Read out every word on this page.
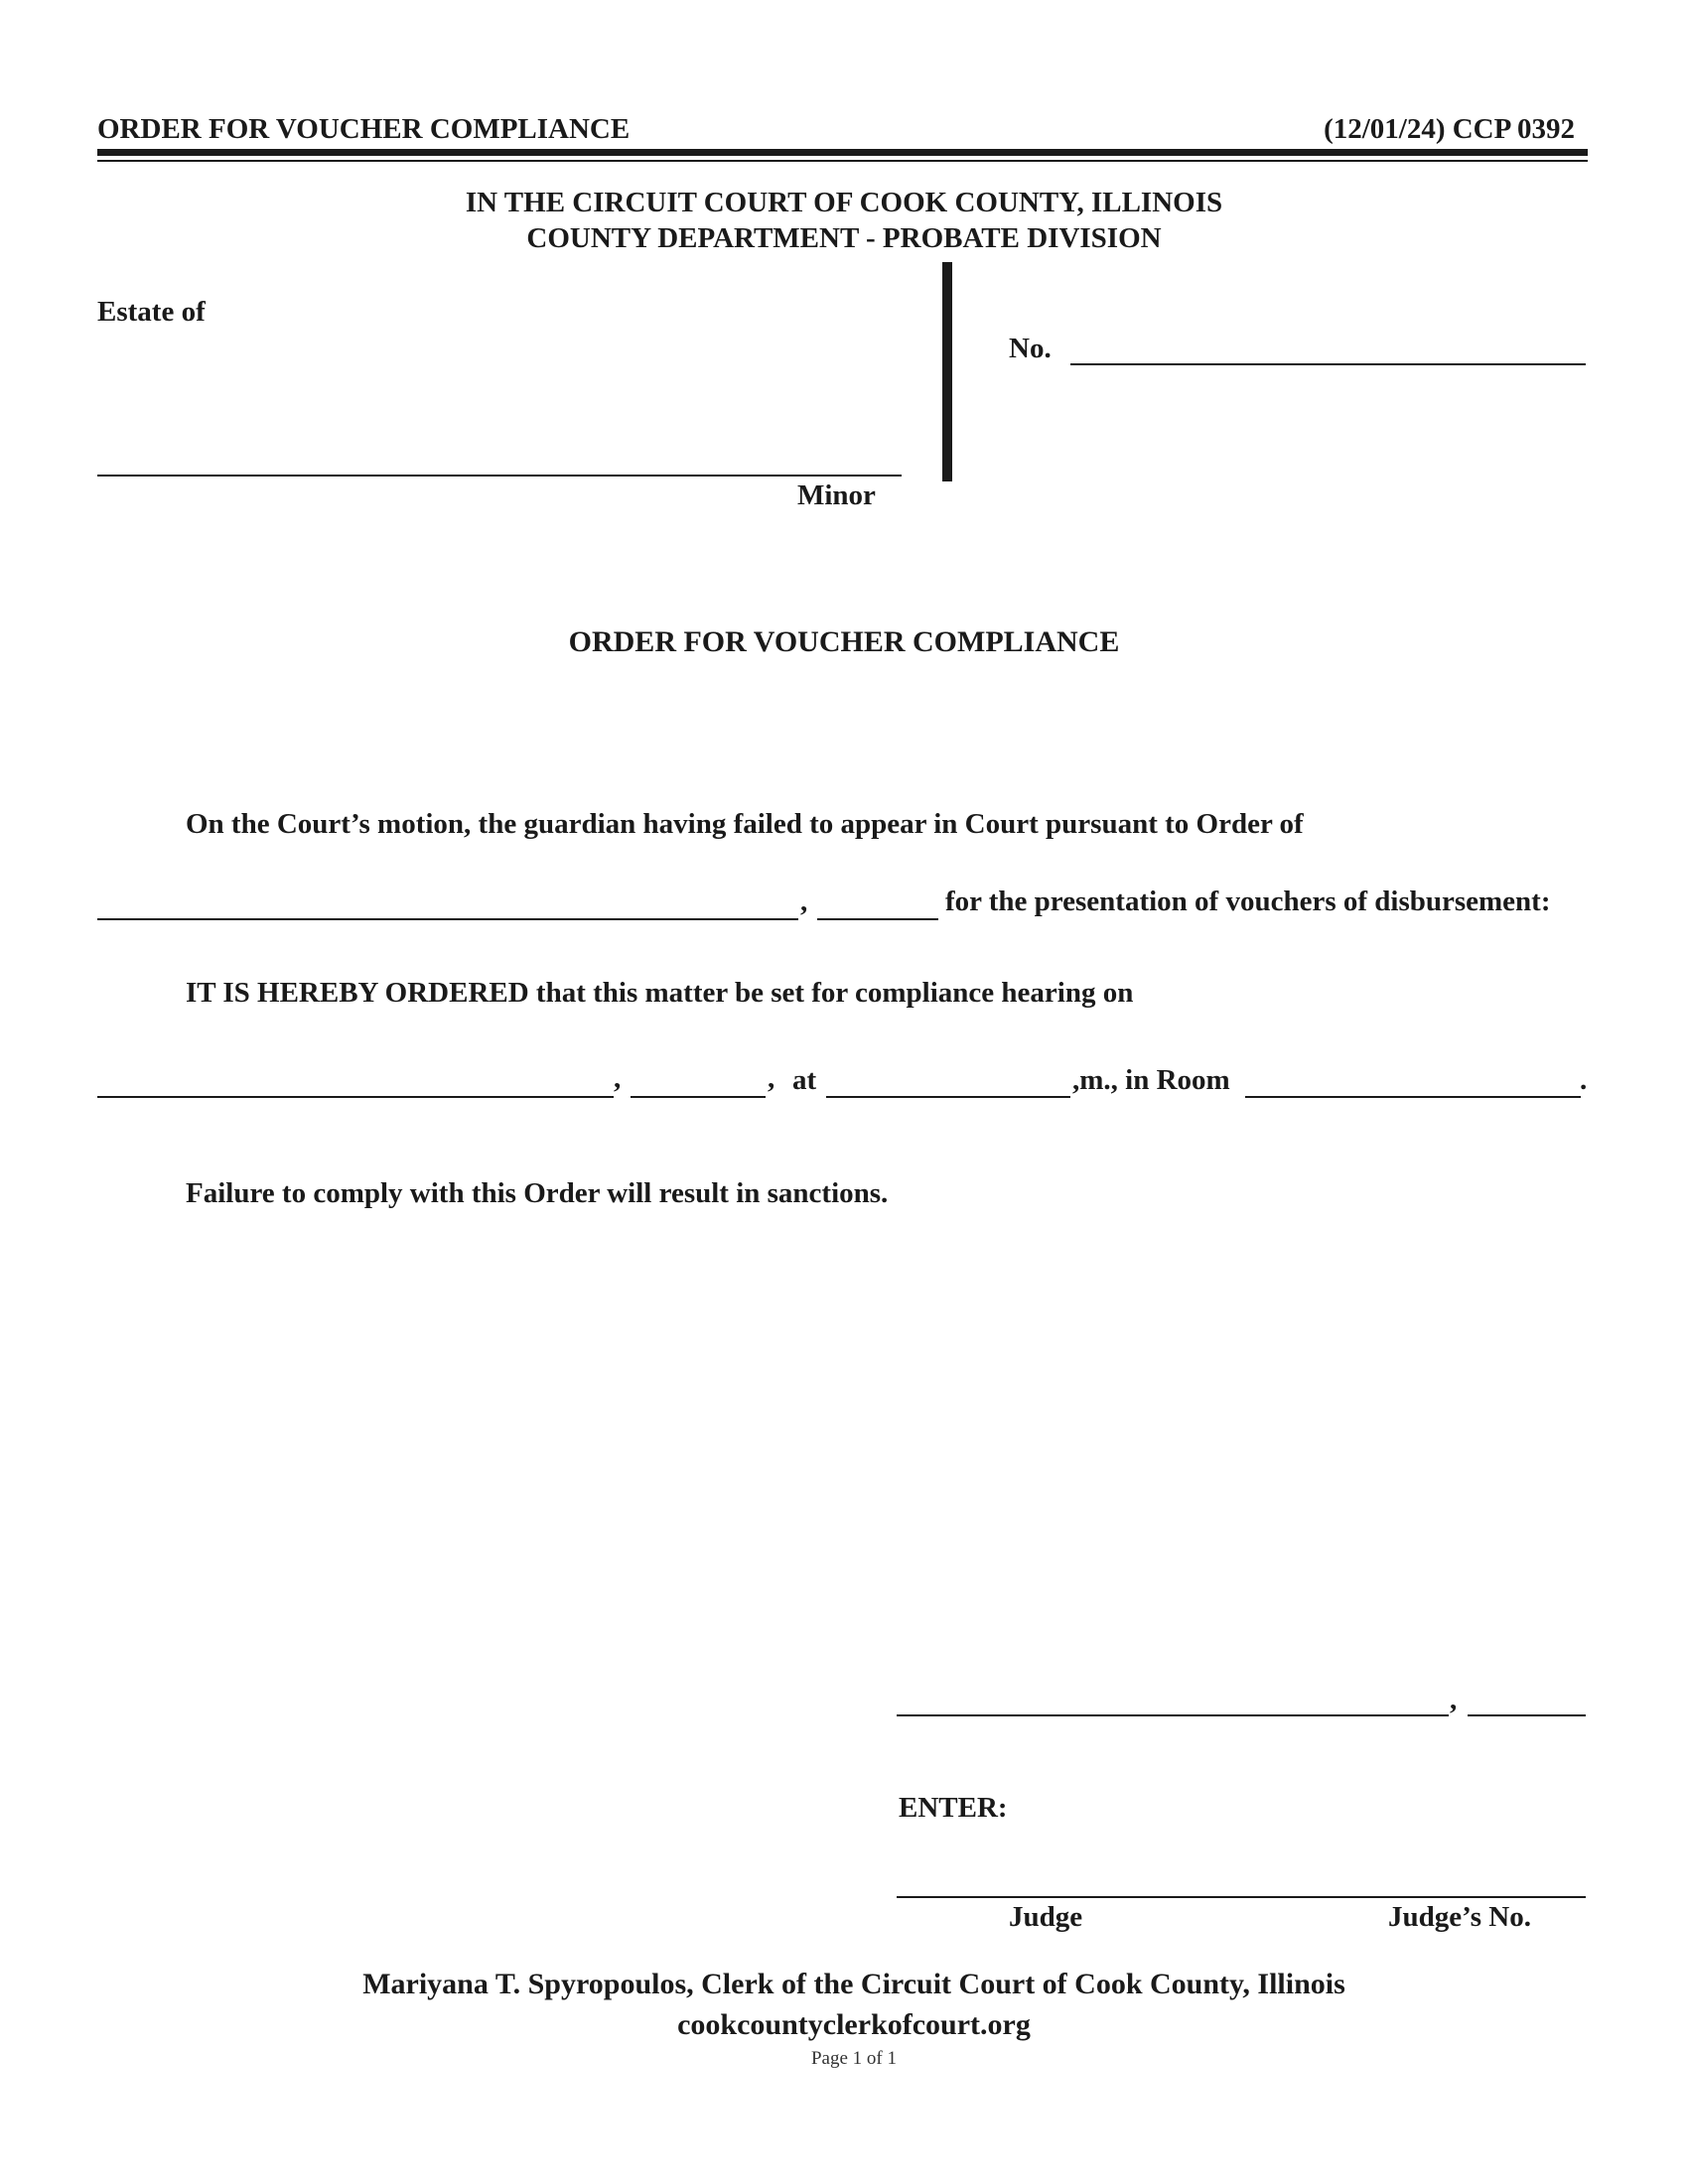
ORDER FOR VOUCHER COMPLIANCE	(12/01/24) CCP 0392
IN THE CIRCUIT COURT OF COOK COUNTY, ILLINOIS
COUNTY DEPARTMENT - PROBATE DIVISION
Estate of
Minor
No.
ORDER FOR VOUCHER COMPLIANCE
On the Court’s motion, the guardian having failed to appear in Court pursuant to Order of
,	for the presentation of vouchers of disbursement:
IT IS HEREBY ORDERED that this matter be set for compliance hearing on
,	, at	,m., in Room	.
Failure to comply with this Order will result in sanctions.
,
ENTER:
Judge	Judge’s No.
Mariyana T. Spyropoulos, Clerk of the Circuit Court of Cook County, Illinois
cookcountyclerkofcourt.org
Page 1 of 1
